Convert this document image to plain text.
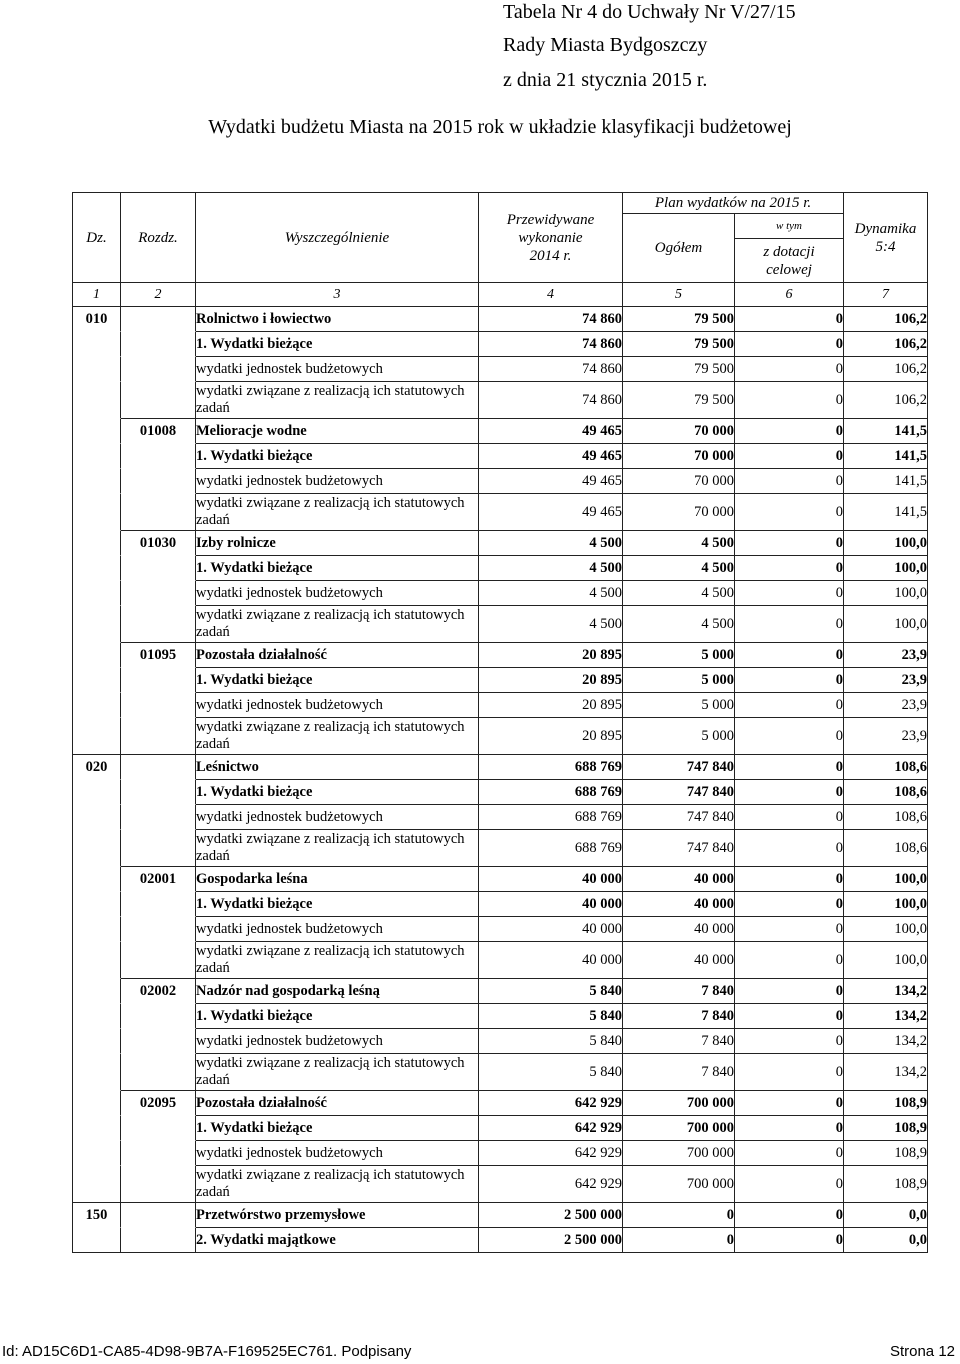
Tabela Nr 4 do Uchwały Nr V/27/15
Rady Miasta Bydgoszczy
z dnia 21 stycznia 2015 r.
Wydatki budżetu Miasta na 2015 rok w układzie klasyfikacji budżetowej
Dz.	Rozdz.	Wyszczególnienie	Przewidywane wykonanie 2014 r.	Plan wydatków na 2015 r.		Dynamika 5:4
				Ogółem	w tym	
					z dotacji celowej	
1	2	3	4	5	6	7
010		Rolnictwo i łowiectwo	74 860	79 500	0	106,2
		1. Wydatki bieżące	74 860	79 500	0	106,2
		wydatki jednostek budżetowych	74 860	79 500	0	106,2
		wydatki związane z realizacją ich statutowych zadań	74 860	79 500	0	106,2
	01008	Melioracje wodne	49 465	70 000	0	141,5
		1. Wydatki bieżące	49 465	70 000	0	141,5
		wydatki jednostek budżetowych	49 465	70 000	0	141,5
		wydatki związane z realizacją ich statutowych zadań	49 465	70 000	0	141,5
	01030	Izby rolnicze	4 500	4 500	0	100,0
		1. Wydatki bieżące	4 500	4 500	0	100,0
		wydatki jednostek budżetowych	4 500	4 500	0	100,0
		wydatki związane z realizacją ich statutowych zadań	4 500	4 500	0	100,0
	01095	Pozostała działalność	20 895	5 000	0	23,9
		1. Wydatki bieżące	20 895	5 000	0	23,9
		wydatki jednostek budżetowych	20 895	5 000	0	23,9
		wydatki związane z realizacją ich statutowych zadań	20 895	5 000	0	23,9
020		Leśnictwo	688 769	747 840	0	108,6
		1. Wydatki bieżące	688 769	747 840	0	108,6
		wydatki jednostek budżetowych	688 769	747 840	0	108,6
		wydatki związane z realizacją ich statutowych zadań	688 769	747 840	0	108,6
	02001	Gospodarka leśna	40 000	40 000	0	100,0
		1. Wydatki bieżące	40 000	40 000	0	100,0
		wydatki jednostek budżetowych	40 000	40 000	0	100,0
		wydatki związane z realizacją ich statutowych zadań	40 000	40 000	0	100,0
	02002	Nadzór nad gospodarką leśną	5 840	7 840	0	134,2
		1. Wydatki bieżące	5 840	7 840	0	134,2
		wydatki jednostek budżetowych	5 840	7 840	0	134,2
		wydatki związane z realizacją ich statutowych zadań	5 840	7 840	0	134,2
	02095	Pozostała działalność	642 929	700 000	0	108,9
		1. Wydatki bieżące	642 929	700 000	0	108,9
		wydatki jednostek budżetowych	642 929	700 000	0	108,9
		wydatki związane z realizacją ich statutowych zadań	642 929	700 000	0	108,9
150		Przetwórstwo przemysłowe	2 500 000	0	0	0,0
		2. Wydatki majątkowe	2 500 000	0	0	0,0
Id: AD15C6D1-CA85-4D98-9B7A-F169525EC761. Podpisany	Strona 12
